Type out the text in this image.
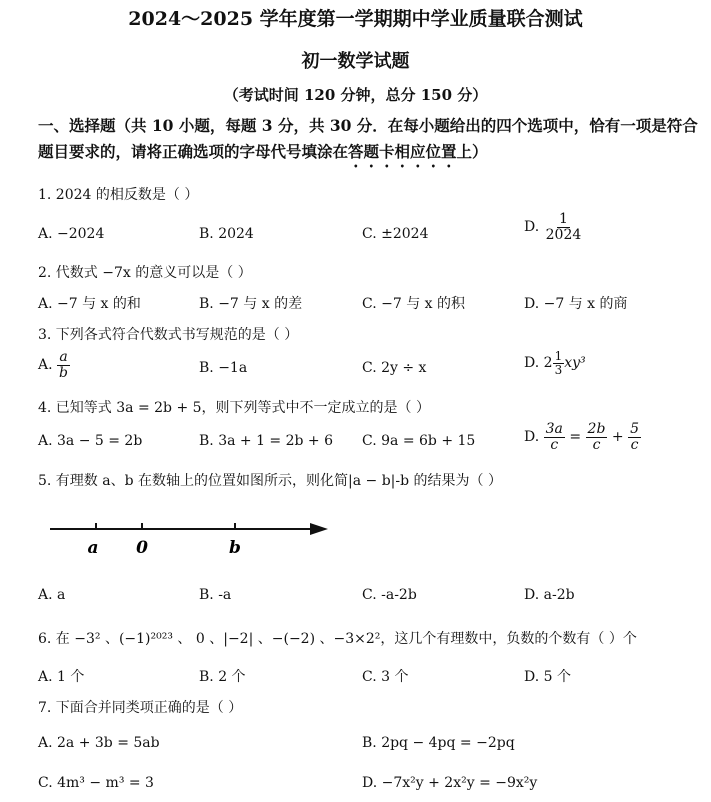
2024～2025 学年度第一学期期中学业质量联合测试
初一数学试题
（考试时间 120 分钟，总分 150 分）
一、选择题（共 10 小题，每题 3 分，共 30 分．在每小题给出的四个选项中，恰有一项是符合
题目要求的，请将正确选项的字母代号填涂在答题卡相应位置上）
1. 2024 的相反数是（ ）
A. −2024	B. 2024	C. ±2024	D. $\frac{1}{2024}$
2. 代数式 −7x 的意义可以是（ ）
A. −7 与 x 的和	B. −7 与 x 的差	C. −7 与 x 的积	D. −7 与 x 的商
3. 下列各式符合代数式书写规范的是（ ）
A. $\frac{a}{b}$	B. −1a	C. 2y ÷ x	D. $2 \frac{1}{3} xy^3$
4. 已知等式 3a = 2b + 5，则下列等式中不一定成立的是（ ）
A. 3a − 5 = 2b	B. 3a + 1 = 2b + 6 C. 9a = 6b + 15	D. $\frac{3a}{c} = \frac{2b}{c} + \frac{5}{c}$
5. 有理数 a、b 在数轴上的位置如图所示，则化简|a − b|-b 的结果为（ ）
a 0	b
A. a	B. -a	C. -a-2b	D. a-2b
6. 在 −3² 、(−1)²⁰²³ 、 0 、|−2| 、−(−2) 、−3×2²，这几个有理数中，负数的个数有（ ）个
A. 1 个	B. 2 个	C. 3 个	D. 5 个
7. 下面合并同类项正确的是（ ）
A. 2a + 3b = 5ab	B. 2pq − 4pq = −2pq
C. 4m³ − m³ = 3	D. −7x²y + 2x²y = −9x²y
